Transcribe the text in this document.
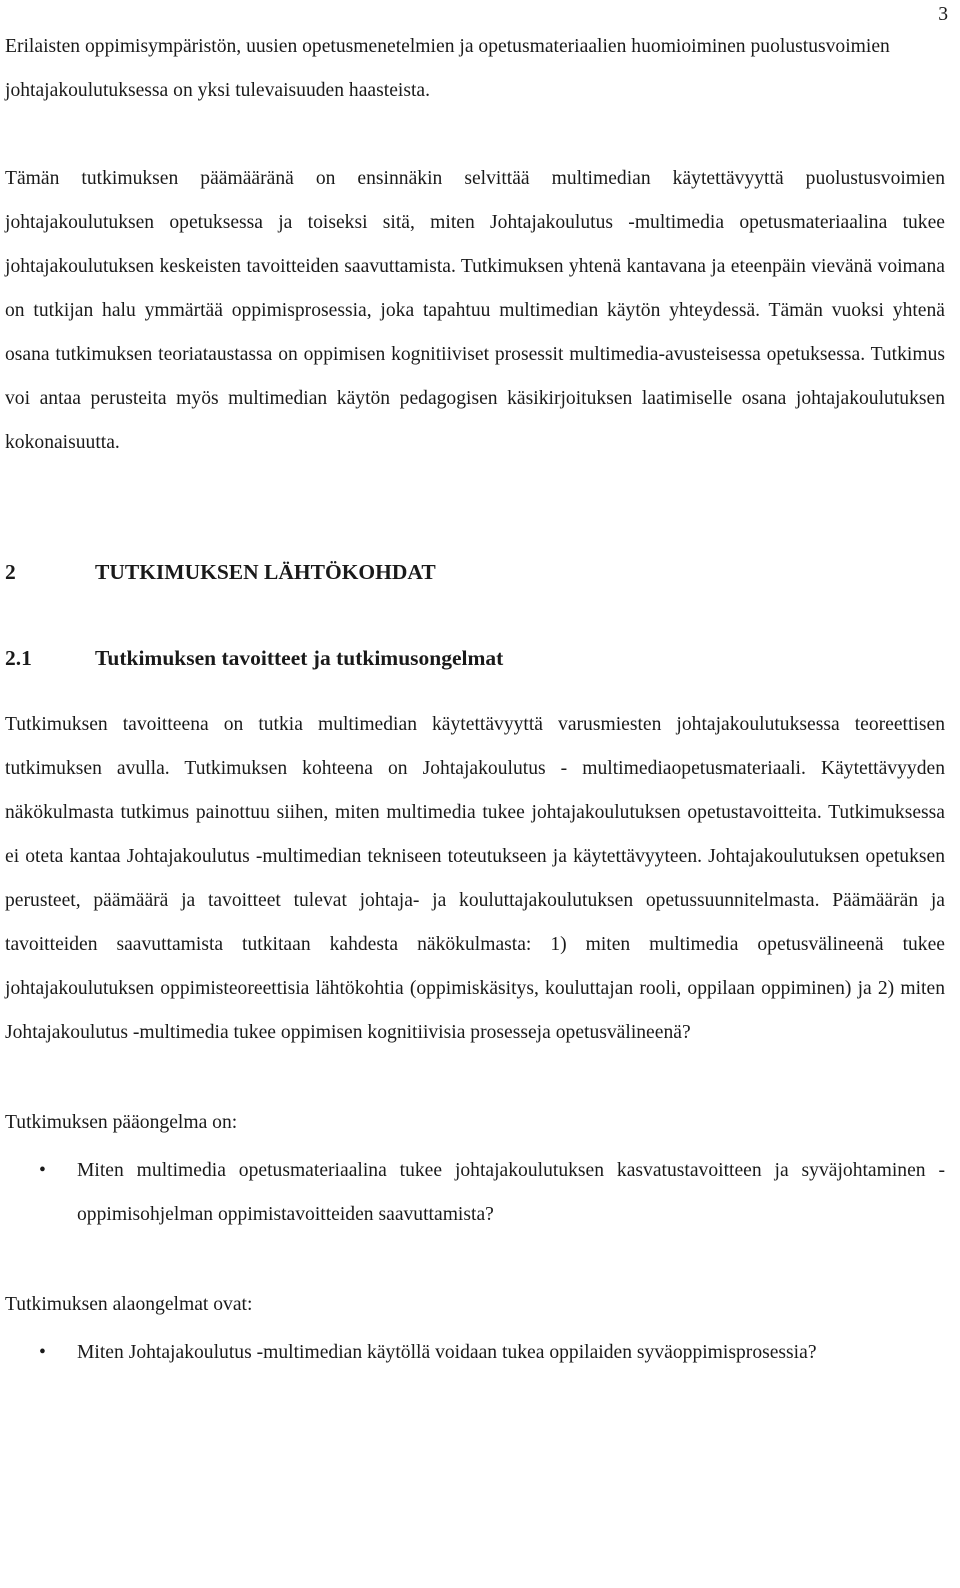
3

Erilaisten oppimisympäristön, uusien opetusmenetelmien ja opetusmateriaalien huomioiminen puolustusvoimien johtajakoulutuksessa on yksi tulevaisuuden haasteista.

Tämän tutkimuksen päämääränä on ensinnäkin selvittää multimedian käytettävyyttä puolustusvoimien johtajakoulutuksen opetuksessa ja toiseksi sitä, miten Johtajakoulutus -multimedia opetusmateriaalina tukee johtajakoulutuksen keskeisten tavoitteiden saavuttamista. Tutkimuksen yhtenä kantavana ja eteenpäin vievänä voimana on tutkijan halu ymmärtää oppimisprosessia, joka tapahtuu multimedian käytön yhteydessä. Tämän vuoksi yhtenä osana tutkimuksen teoriataustassa on oppimisen kognitiiviset prosessit multimedia-avusteisessa opetuksessa. Tutkimus voi antaa perusteita myös multimedian käytön pedagogisen käsikirjoituksen laatimiselle osana johtajakoulutuksen kokonaisuutta.

2	TUTKIMUKSEN LÄHTÖKOHDAT
2.1	Tutkimuksen tavoitteet ja tutkimusongelmat

Tutkimuksen tavoitteena on tutkia multimedian käytettävyyttä varusmiesten johtajakoulutuksessa teoreettisen tutkimuksen avulla. Tutkimuksen kohteena on Johtajakoulutus - multimediaopetusmateriaali. Käytettävyyden näkökulmasta tutkimus painottuu siihen, miten multimedia tukee johtajakoulutuksen opetustavoitteita. Tutkimuksessa ei oteta kantaa Johtajakoulutus -multimedian tekniseen toteutukseen ja käytettävyyteen. Johtajakoulutuksen opetuksen perusteet, päämäärä ja tavoitteet tulevat johtaja- ja kouluttajakoulutuksen opetussuunnitelmasta. Päämäärän ja tavoitteiden saavuttamista tutkitaan kahdesta näkökulmasta: 1) miten multimedia opetusvälineenä tukee johtajakoulutuksen oppimisteoreettisia lähtökohtia (oppimiskäsitys, kouluttajan rooli, oppilaan oppiminen) ja 2) miten Johtajakoulutus -multimedia tukee oppimisen kognitiivisia prosesseja opetusvälineenä?

Tutkimuksen pääongelma on:

•	Miten multimedia opetusmateriaalina tukee johtajakoulutuksen kasvatustavoitteen ja syväjohtaminen -oppimisohjelman oppimistavoitteiden saavuttamista?

Tutkimuksen alaongelmat ovat:

•	Miten Johtajakoulutus -multimedian käytöllä voidaan tukea oppilaiden syväoppimisprosessia?
